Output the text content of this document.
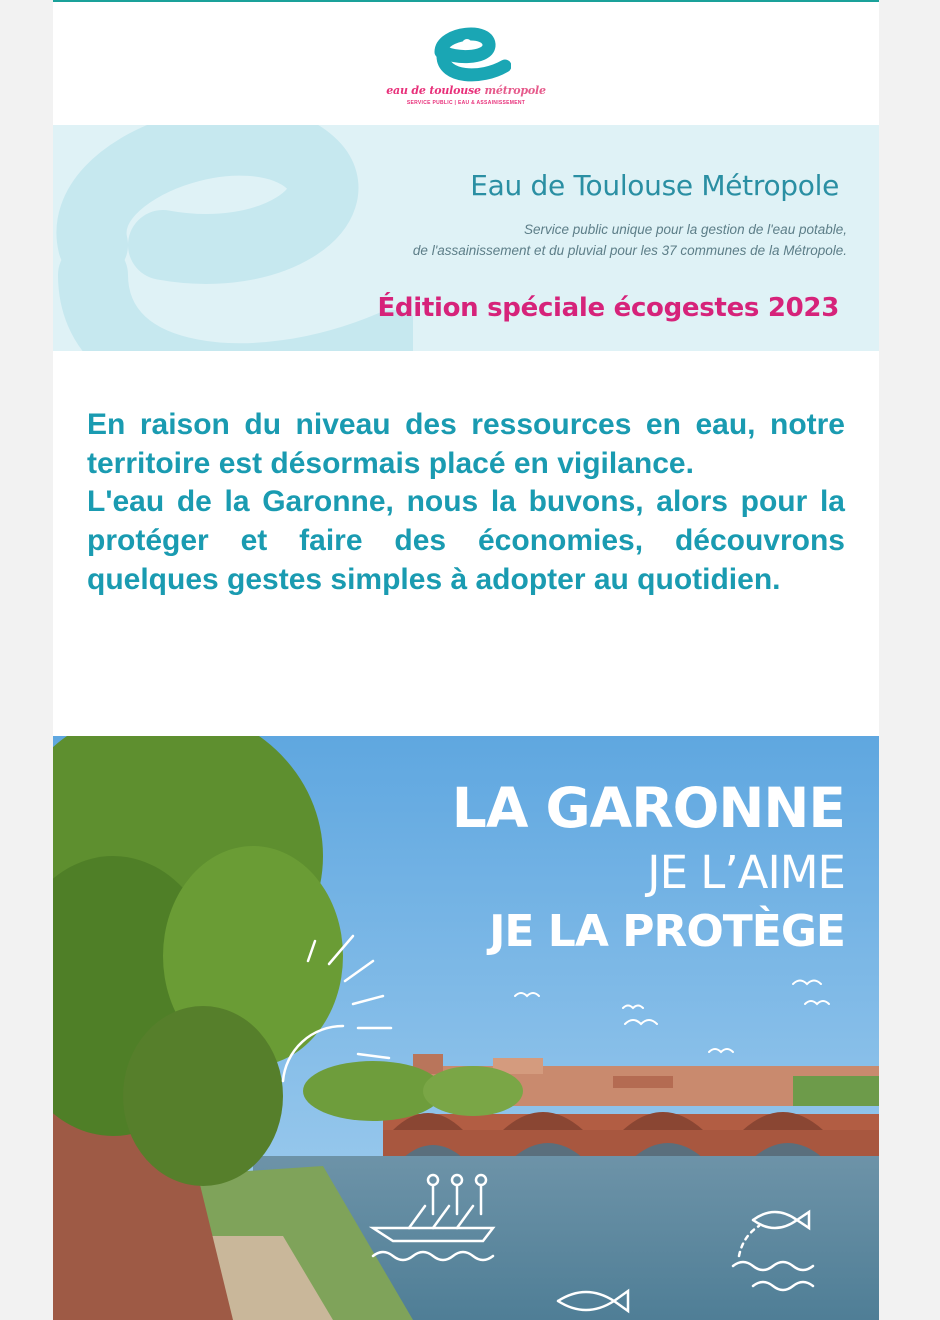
eau de toulouse métropole
SERVICE PUBLIC | EAU & ASSAINISSEMENT
Eau de Toulouse Métropole
Service public unique pour la gestion de l'eau potable,
de l'assainissement et du pluvial pour les 37 communes de la Métropole.
Édition spéciale écogestes 2023

En raison du niveau des ressources en eau, notre territoire est désormais placé en vigilance.

L'eau de la Garonne, nous la buvons, alors pour la protéger et faire des économies, découvrons quelques gestes simples à adopter au quotidien.

LA GARONNE
JE L’AIME
JE LA PROTÈGE
